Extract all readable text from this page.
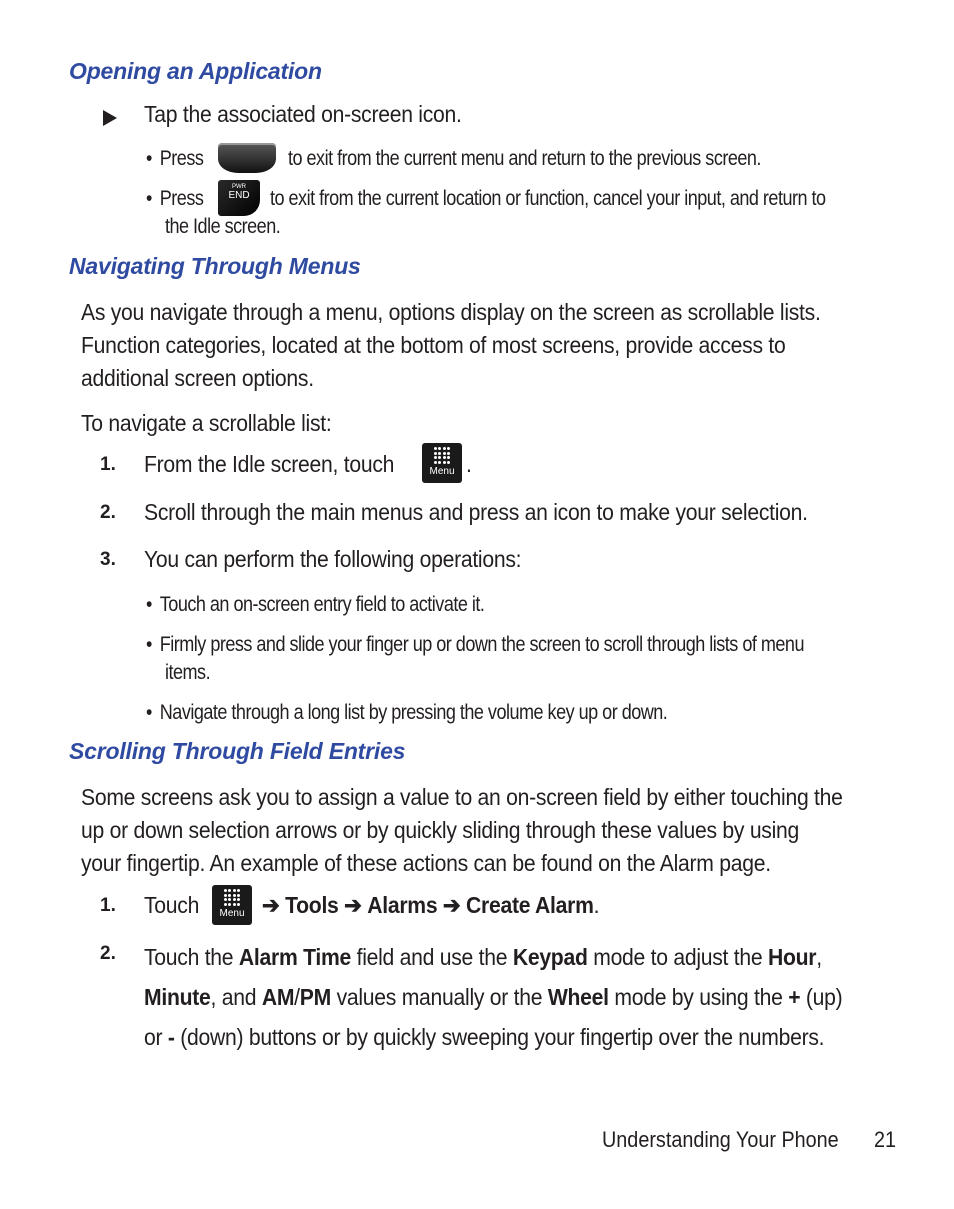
Opening an Application
Tap the associated on-screen icon.
• Press	to exit from the current menu and return to the previous screen.
• Press	PWR
END to exit from the current location or function, cancel your input, and return to
the Idle screen.
Navigating Through Menus
As you navigate through a menu, options display on the screen as scrollable lists.
Function categories, located at the bottom of most screens, provide access to
additional screen options.
To navigate a scrollable list:
1. From the Idle screen, touch	Menu .
2. Scroll through the main menus and press an icon to make your selection.
3. You can perform the following operations:
• Touch an on-screen entry field to activate it.
• Firmly press and slide your finger up or down the screen to scroll through lists of menu
items.
• Navigate through a long list by pressing the volume key up or down.
Scrolling Through Field Entries
Some screens ask you to assign a value to an on-screen field by either touching the
up or down selection arrows or by quickly sliding through these values by using
your fingertip. An example of these actions can be found on the Alarm page.
1. Touch	Menu ➔ Tools ➔ Alarms ➔ Create Alarm.
2. Touch the Alarm Time field and use the Keypad mode to adjust the Hour,
Minute, and AM/PM values manually or the Wheel mode by using the + (up)
or - (down) buttons or by quickly sweeping your fingertip over the numbers.
Understanding Your Phone 21
